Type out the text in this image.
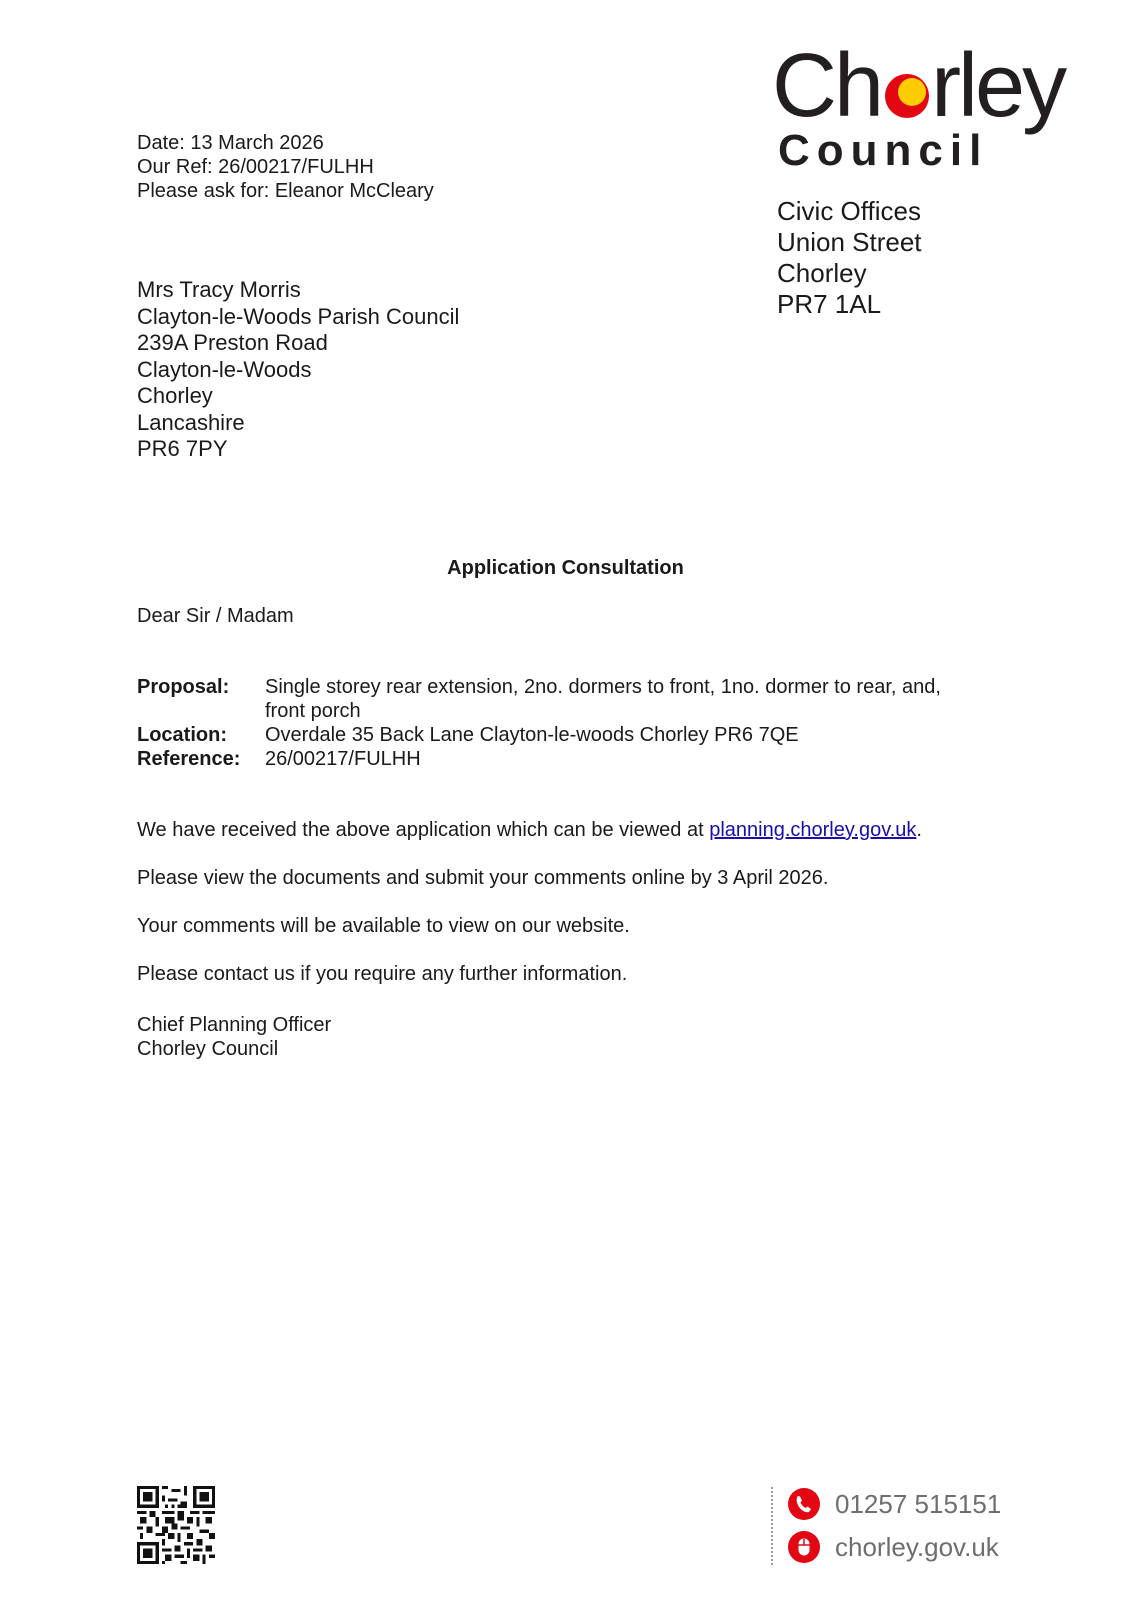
Date: 13 March 2026
Our Ref: 26/00217/FULHH
Please ask for: Eleanor McCleary
Ch rley
Council
Civic Offices
Union Street
Chorley
PR7 1AL
Mrs Tracy Morris
Clayton-le-Woods Parish Council
239A Preston Road
Clayton-le-Woods
Chorley
Lancashire
PR6 7PY
Application Consultation
Dear Sir / Madam
Proposal: Single storey rear extension, 2no. dormers to front, 1no. dormer to rear, and,
front porch
Location: Overdale 35 Back Lane Clayton-le-woods Chorley PR6 7QE
Reference: 26/00217/FULHH

We have received the above application which can be viewed at planning.chorley.gov.uk.

Please view the documents and submit your comments online by 3 April 2026.

Your comments will be available to view on our website.

Please contact us if you require any further information.

Chief Planning Officer
Chorley Council
01257 515151
chorley.gov.uk
